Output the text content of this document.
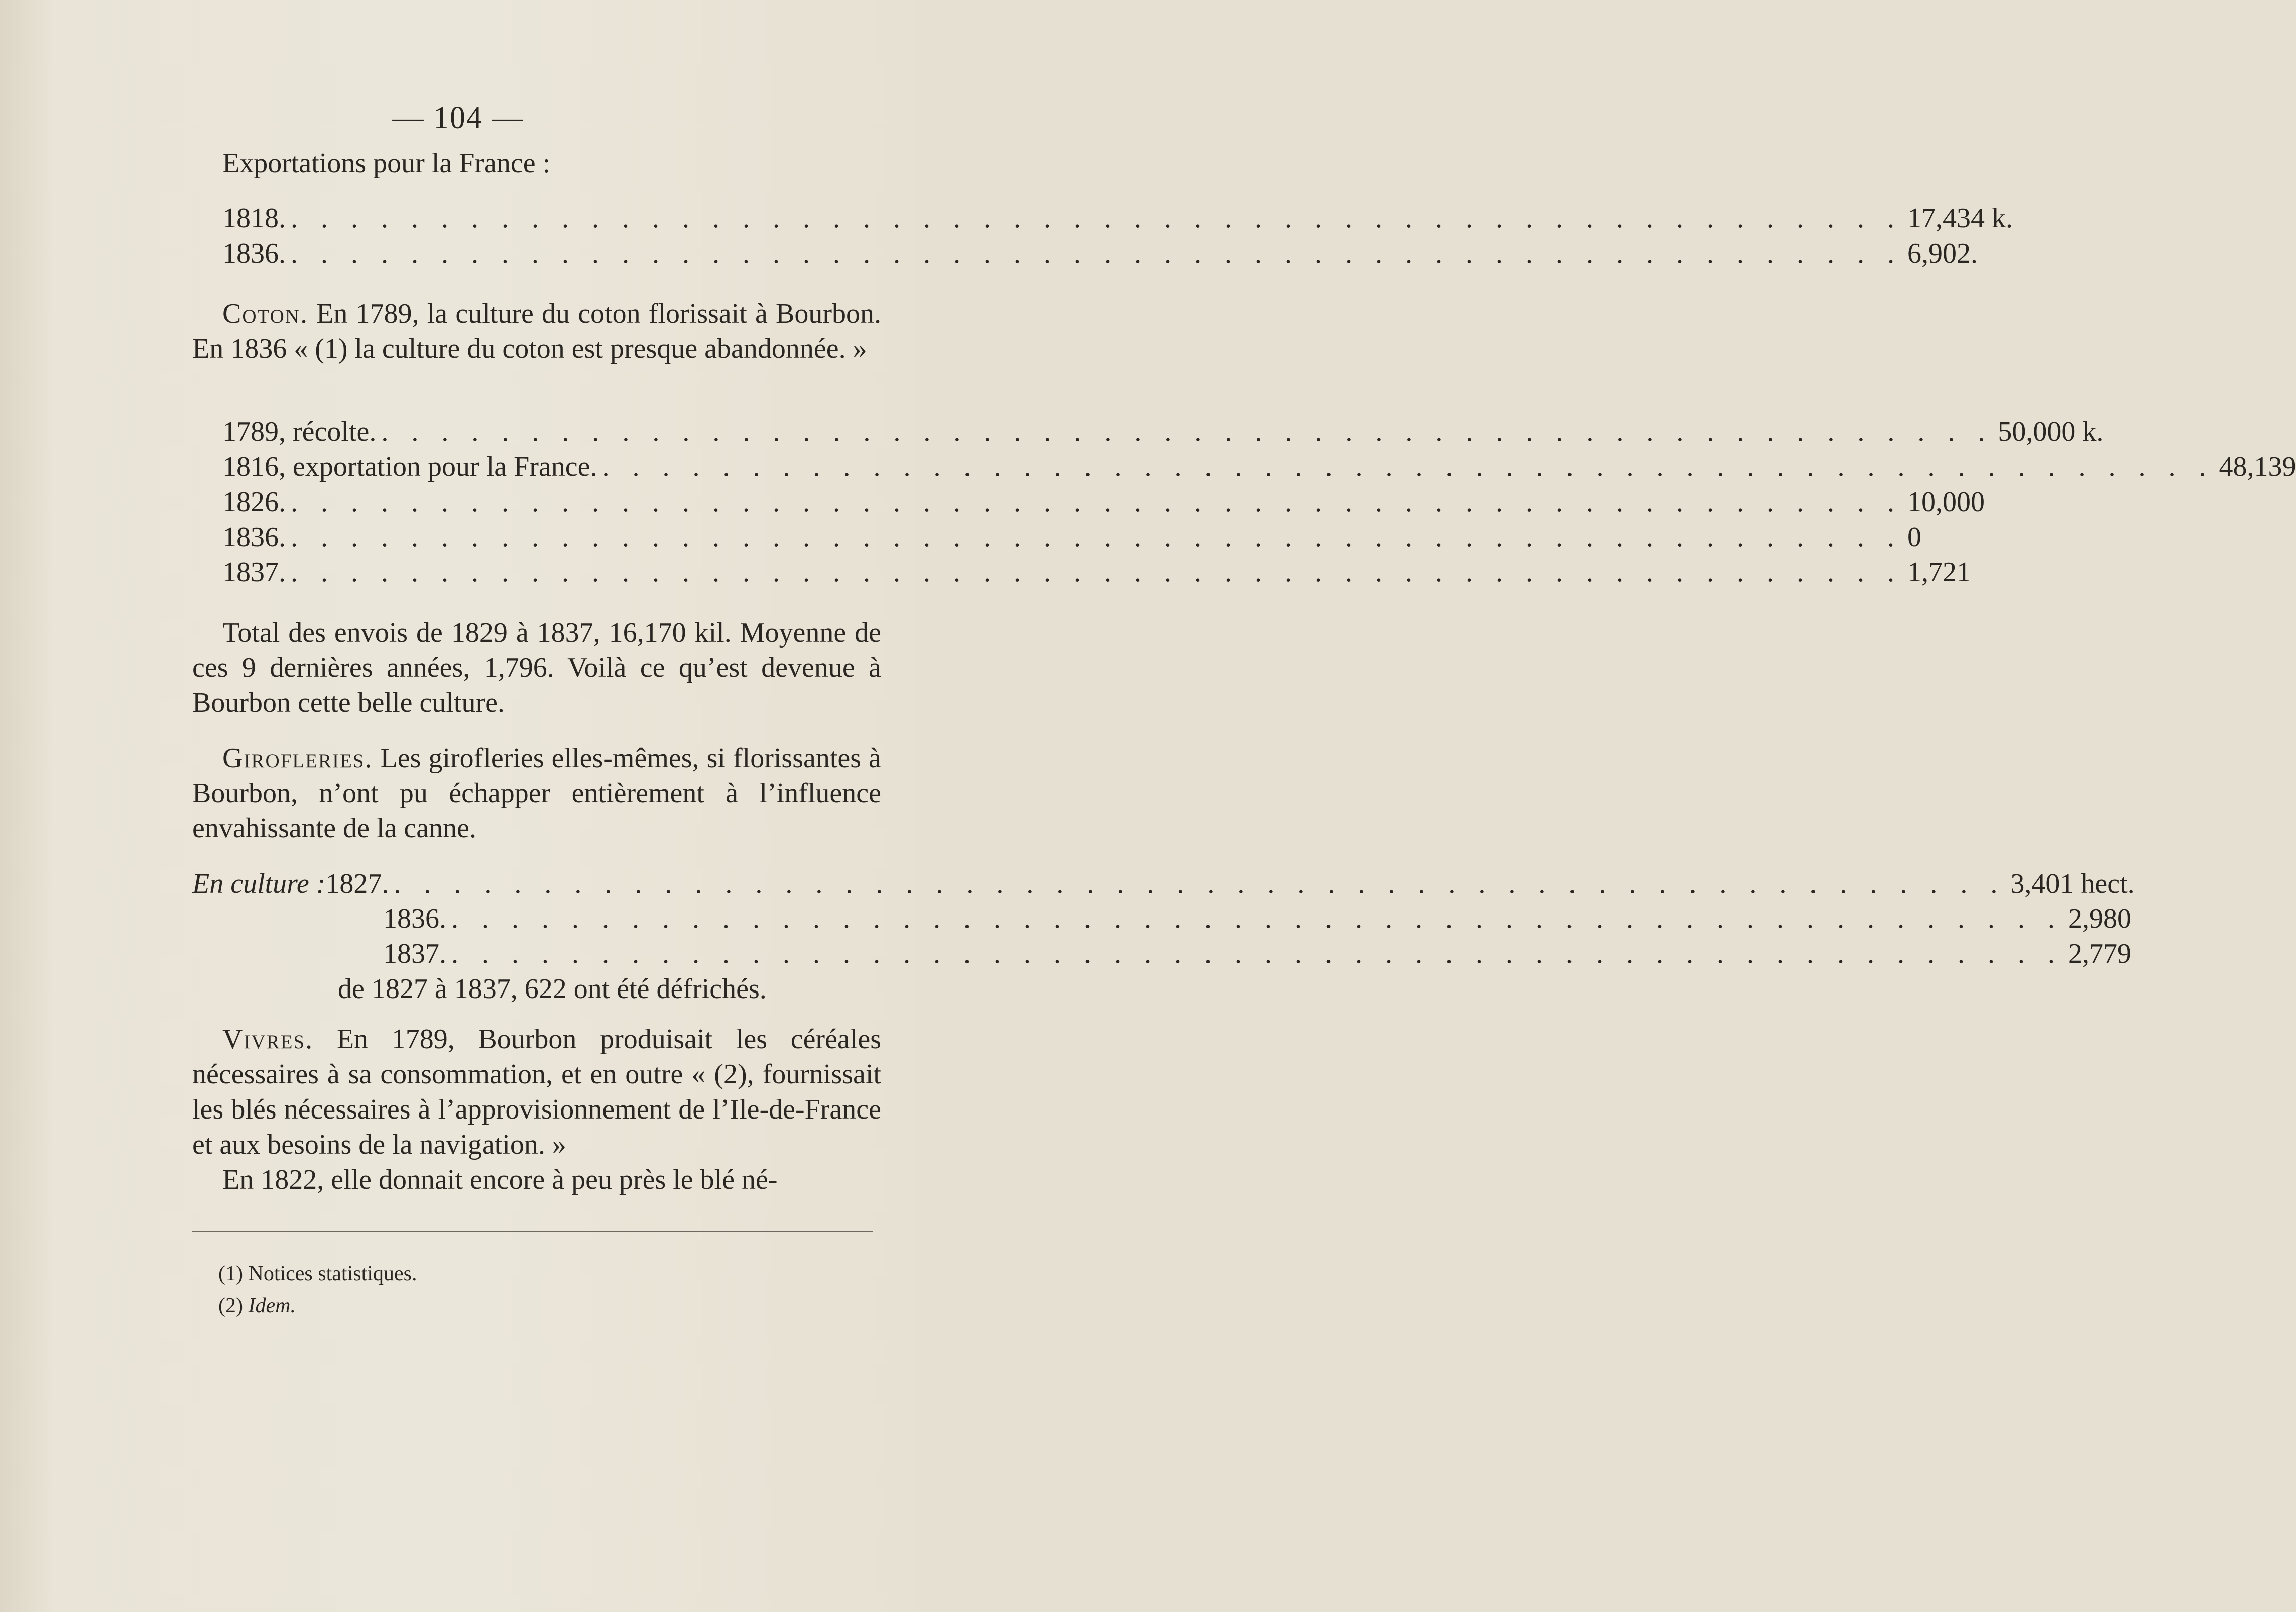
— 104 —

Exportations pour la France :

1818. . . .	17,434 k.
1836. . . .	6,902.

Coton. En 1789, la culture du coton florissait à Bourbon. En 1836 « (1) la culture du coton est presque abandonnée. »

1789, récolte. . . .	50,000 k.
1816, exportation pour la France. . . .	48,139
1826. . . .	10,000
1836. . . .	0
1837. . . .	1,721

Total des envois de 1829 à 1837, 16,170 kil. Moyenne de ces 9 dernières années, 1,796. Voilà ce qu’est devenue à Bourbon cette belle culture.

Girofleries. Les girofleries elles-mêmes, si florissantes à Bourbon, n’ont pu échapper entièrement à l’influence envahissante de la canne.

En culture : 1827. . . .	3,401 hect.
1836. . . .	2,980
1837. . . .	2,779
de 1827 à 1837, 622 ont été défrichés.

Vivres. En 1789, Bourbon produisait les céréales nécessaires à sa consommation, et en outre « (2), fournissait les blés nécessaires à l’approvisionnement de l’Ile-de-France et aux besoins de la navigation. »

En 1822, elle donnait encore à peu près le blé né-

(1) Notices statistiques.
(2) Idem.
